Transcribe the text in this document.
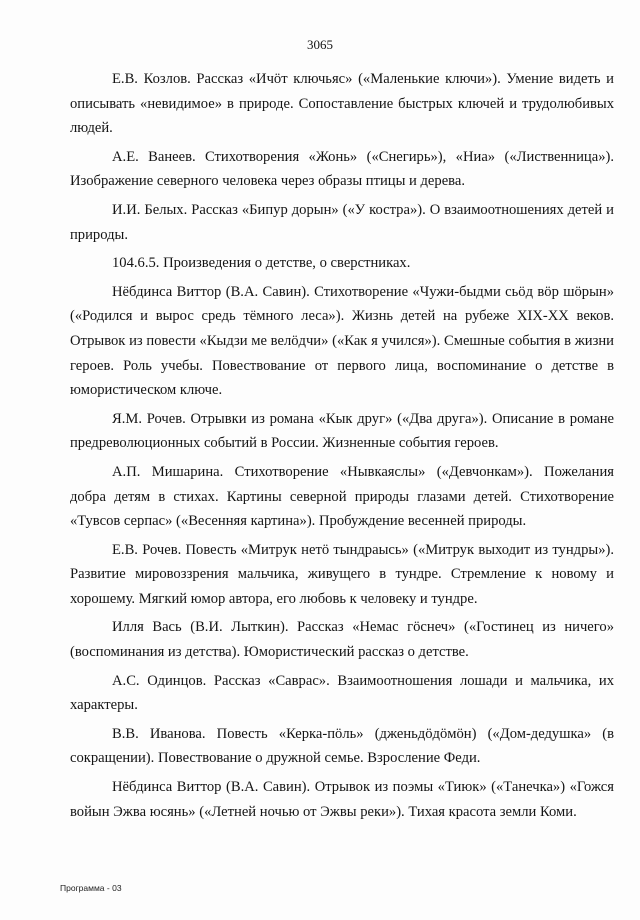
3065

Е.В. Козлов. Рассказ «Ичӧт ключьяс» («Маленькие ключи»). Умение видеть и описывать «невидимое» в природе. Сопоставление быстрых ключей и трудолюбивых людей.

А.Е. Ванеев. Стихотворения «Жонь» («Снегирь»), «Ниа» («Лиственница»). Изображение северного человека через образы птицы и дерева.

И.И. Белых. Рассказ «Бипур дорын» («У костра»). О взаимоотношениях детей и природы.

104.6.5. Произведения о детстве, о сверстниках.

Нёбдинса Виттор (В.А. Савин). Стихотворение «Чужи-быдми сьӧд вӧр шӧрын» («Родился и вырос средь тёмного леса»). Жизнь детей на рубеже XIX-XX веков. Отрывок из повести «Кыдзи ме велӧдчи» («Как я учился»). Смешные события в жизни героев. Роль учебы. Повествование от первого лица, воспоминание о детстве в юмористическом ключе.

Я.М. Рочев. Отрывки из романа «Кык друг» («Два друга»). Описание в романе предреволюционных событий в России. Жизненные события героев.

А.П. Мишарина. Стихотворение «Нывкаяслы» («Девчонкам»). Пожелания добра детям в стихах. Картины северной природы глазами детей. Стихотворение «Тувсов серпас» («Весенняя картина»). Пробуждение весенней природы.

Е.В. Рочев. Повесть «Митрук нетӧ тындраысь» («Митрук выходит из тундры»). Развитие мировоззрения мальчика, живущего в тундре. Стремление к новому и хорошему. Мягкий юмор автора, его любовь к человеку и тундре.

Илля Вась (В.И. Лыткин). Рассказ «Немас гӧснеч» («Гостинец из ничего» (воспоминания из детства). Юмористический рассказ о детстве.

А.С. Одинцов. Рассказ «Саврас». Взаимоотношения лошади и мальчика, их характеры.

В.В. Иванова. Повесть «Керка-пӧль» (дженьдӧдӧмӧн) («Дом-дедушка» (в сокращении). Повествование о дружной семье. Взросление Феди.

Нёбдинса Виттор (В.А. Савин). Отрывок из поэмы «Тиюк» («Танечка») «Гожся войын Эжва юсянь» («Летней ночью от Эжвы реки»). Тихая красота земли Коми.

Программа - 03
